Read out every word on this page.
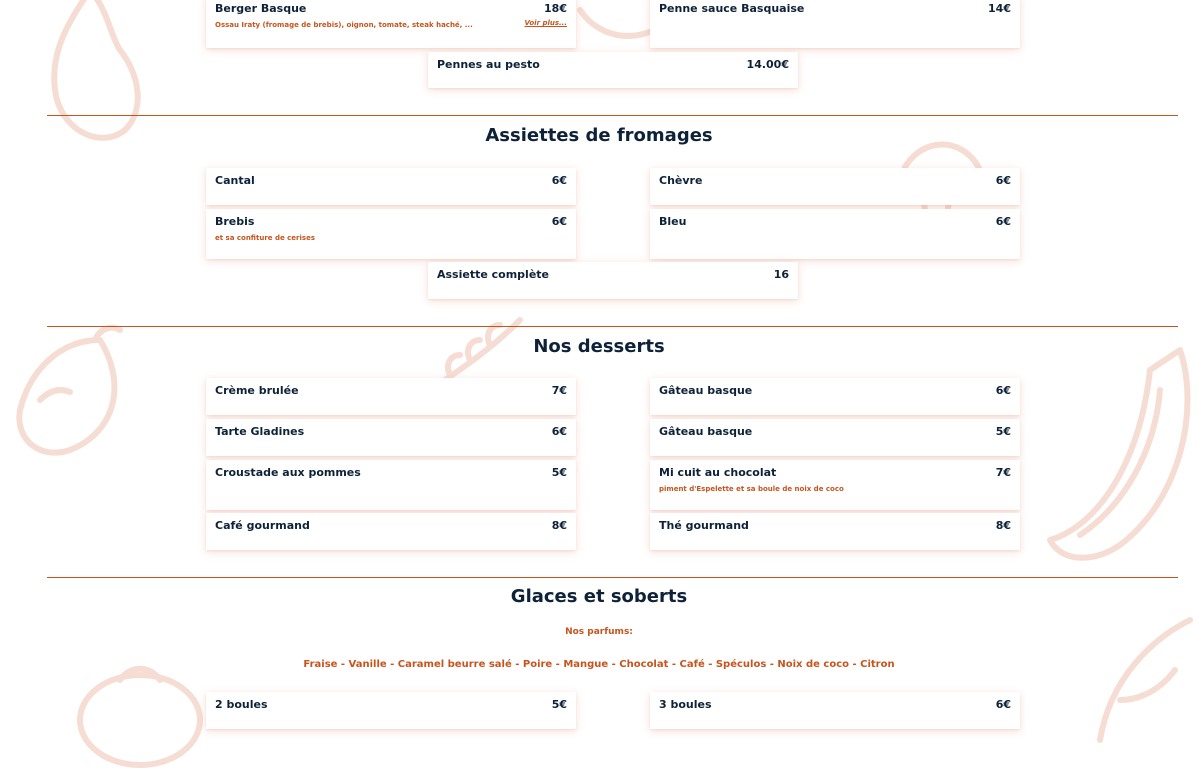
Berger Basque	18€
Ossau Iraty (fromage de brebis), oignon, tomate, steak haché, ...	Voir plus...
Penne sauce Basquaise	14€
Pennes au pesto	14.00€
Assiettes de fromages
Cantal	6€	Chèvre	6€
Brebis	6€
et sa confiture de cerises
Bleu	6€
Assiette complète	16
Nos desserts
Crème brulée	7€	Gâteau basque	6€
Tarte Gladines	6€	Gâteau basque	5€
Croustade aux pommes	5€	Mi cuit au chocolat	7€
piment d'Espelette et sa boule de noix de coco
Café gourmand	8€	Thé gourmand	8€
Glaces et soberts
Nos parfums:
Fraise - Vanille - Caramel beurre salé - Poire - Mangue - Chocolat - Café - Spéculos - Noix de coco - Citron
2 boules	5€	3 boules	6€
